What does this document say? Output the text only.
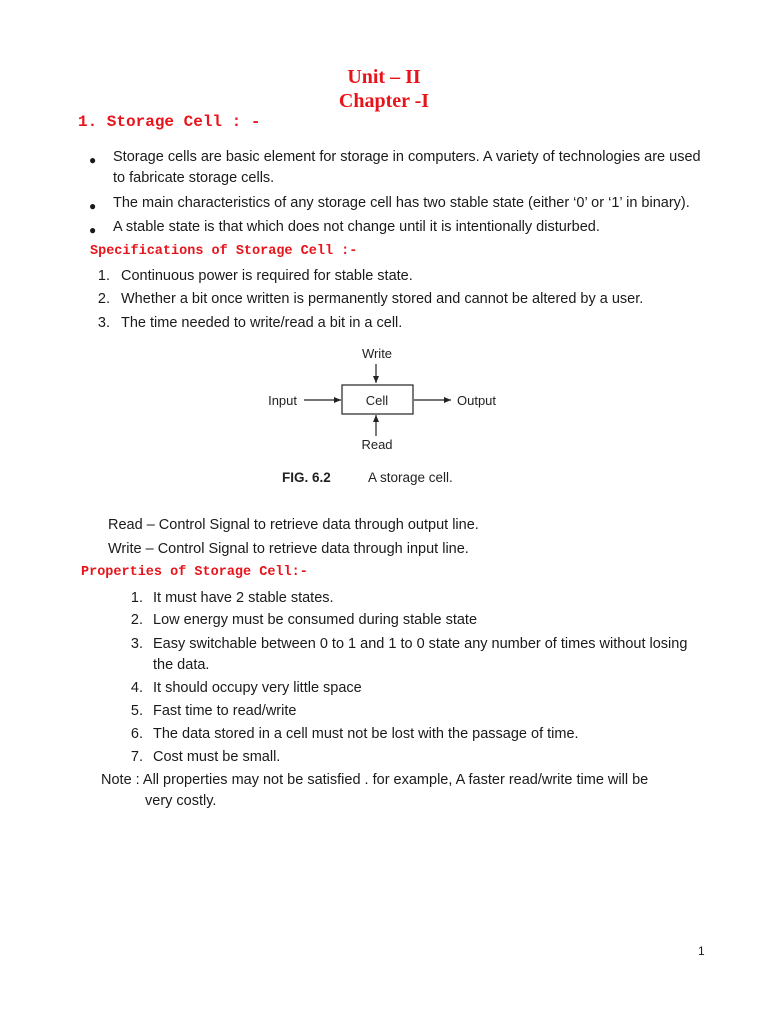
Unit – II
Chapter -I
1. Storage Cell : -
● Storage cells are basic element for storage in computers. A variety of technologies are used
to fabricate storage cells.
● The main characteristics of any storage cell has two stable state (either ‘0’ or ‘1’ in binary).
● A stable state is that which does not change until it is intentionally disturbed.
Specifications of Storage Cell :-
1. Continuous power is required for stable state.
2. Whether a bit once written is permanently stored and cannot be altered by a user.
3. The time needed to write/read a bit in a cell.
Write
Input	Cell	Output
Read
FIG. 6.2	A storage cell.
Read – Control Signal to retrieve data through output line.
Write – Control Signal to retrieve data through input line.
Properties of Storage Cell:-
1. It must have 2 stable states.
2. Low energy must be consumed during stable state
3. Easy switchable between 0 to 1 and 1 to 0 state any number of times without losing
the data.
4. It should occupy very little space
5. Fast time to read/write
6. The data stored in a cell must not be lost with the passage of time.
7. Cost must be small.
Note : All properties may not be satisfied . for example, A faster read/write time will be
very costly.
1
